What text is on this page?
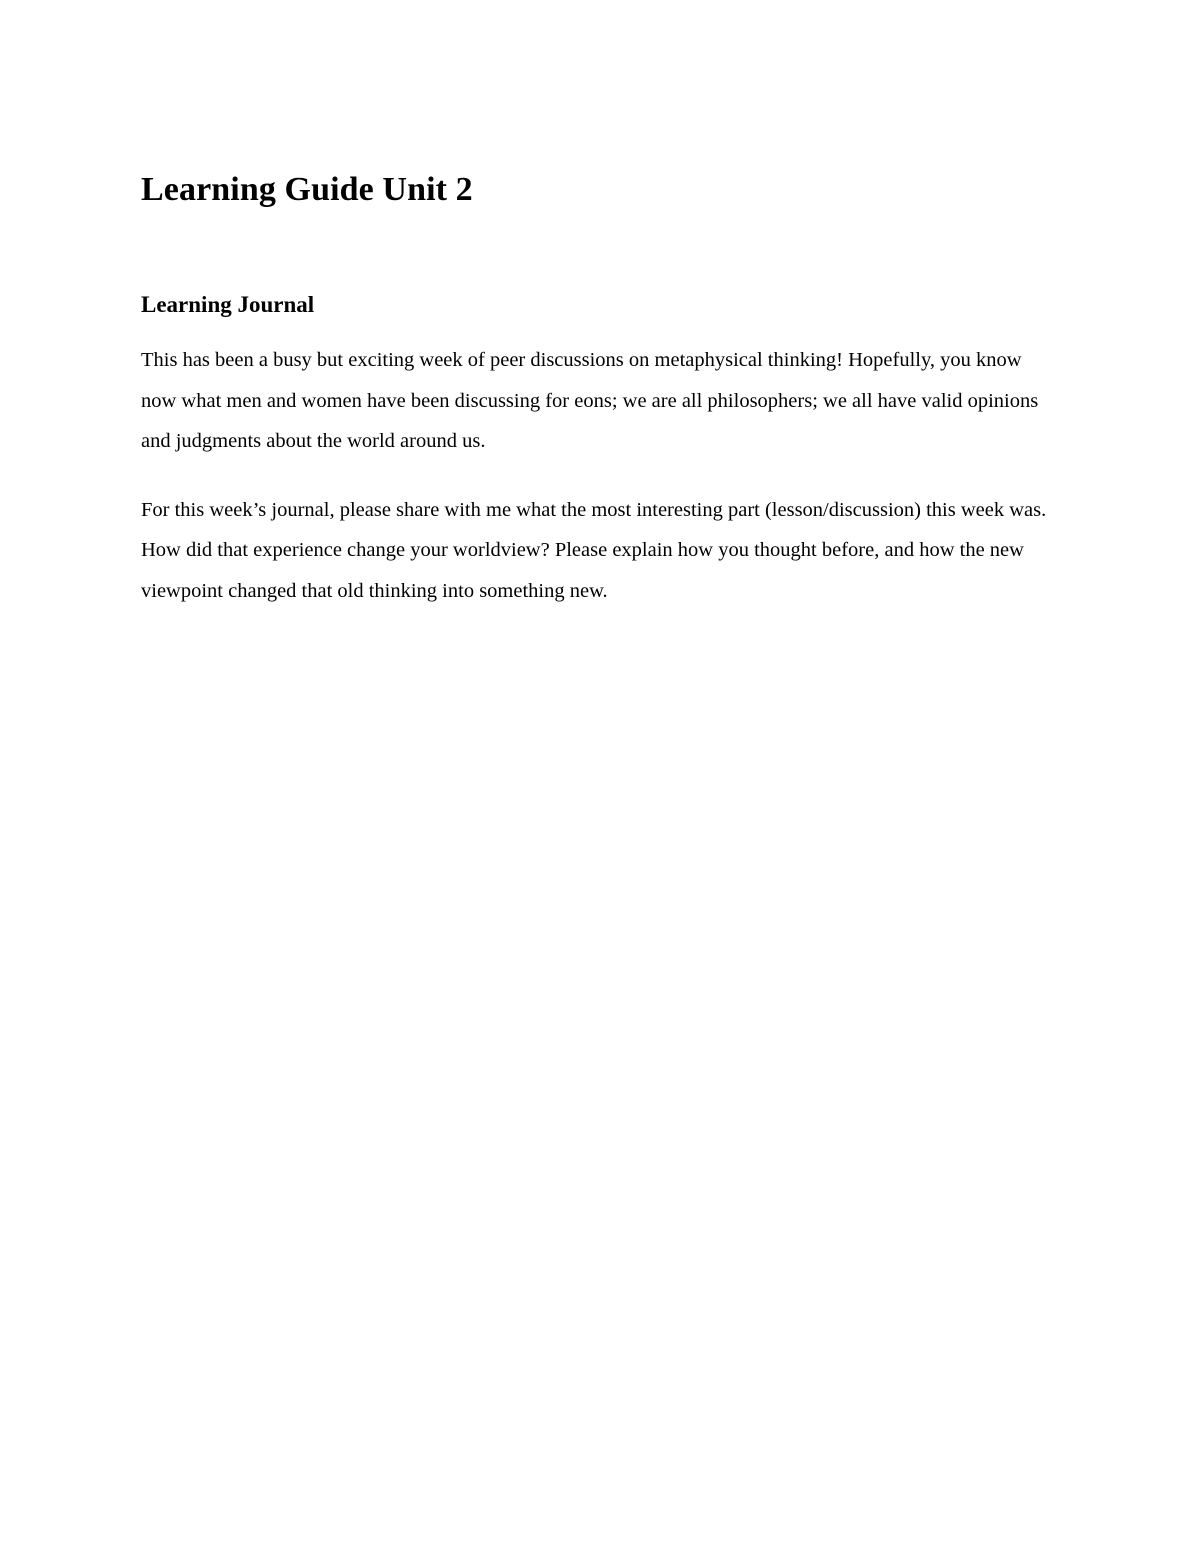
Learning Guide Unit 2
Learning Journal

This has been a busy but exciting week of peer discussions on metaphysical thinking! Hopefully, you know now what men and women have been discussing for eons; we are all philosophers; we all have valid opinions and judgments about the world around us.

For this week’s journal, please share with me what the most interesting part (lesson/discussion) this week was. How did that experience change your worldview? Please explain how you thought before, and how the new viewpoint changed that old thinking into something new.
